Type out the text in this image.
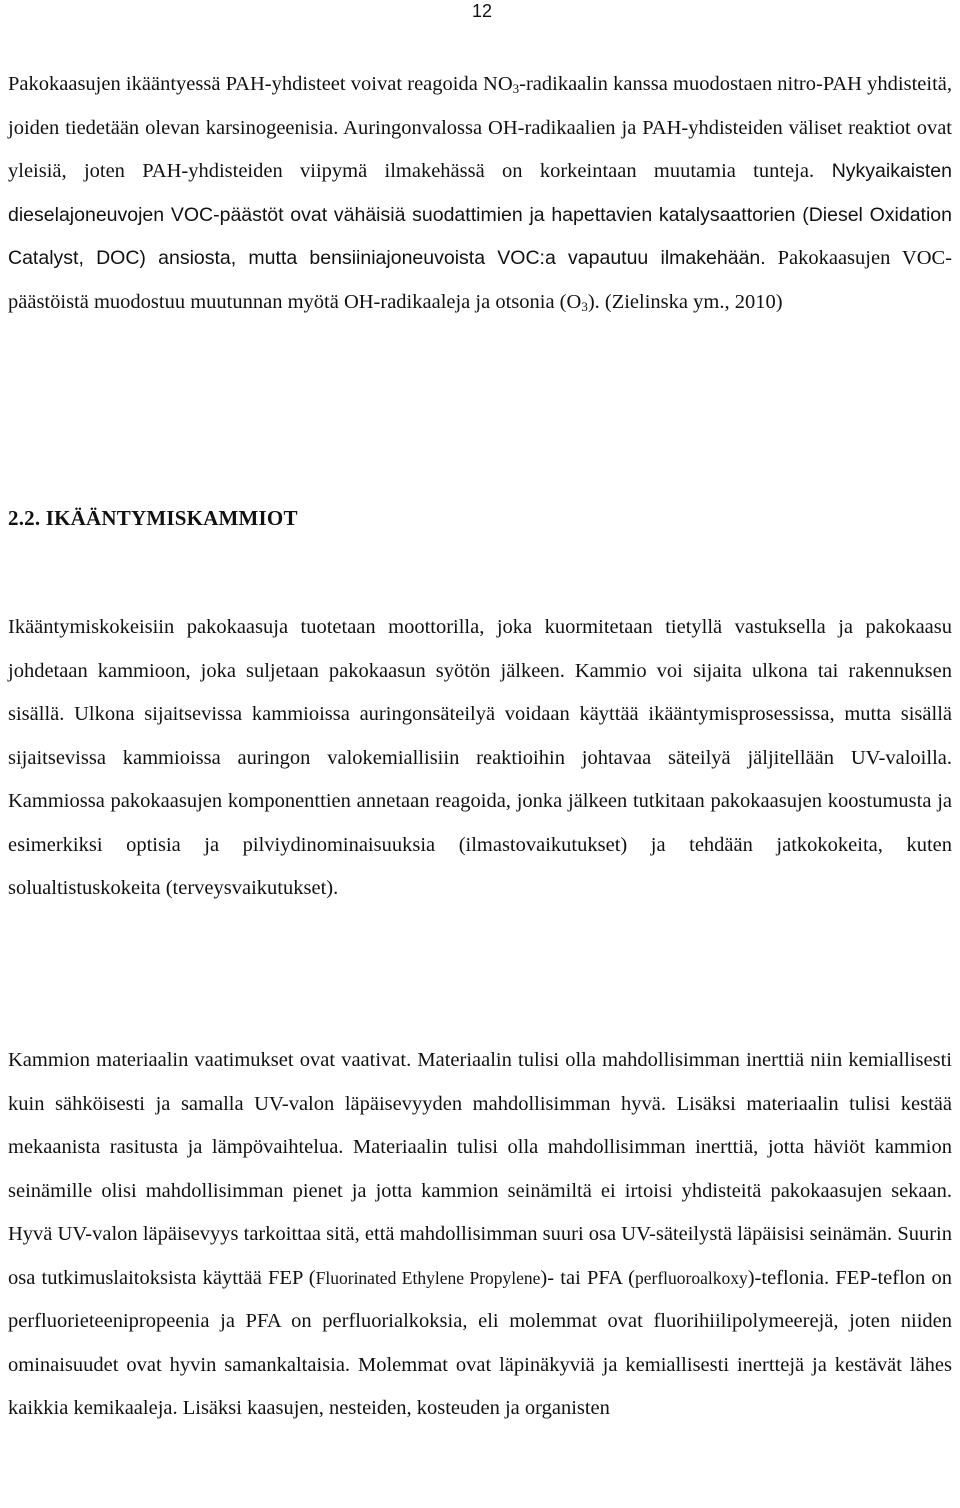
12

Pakokaasujen ikääntyessä PAH-yhdisteet voivat reagoida $NO_3$-radikaalin kanssa muodostaen nitro-PAH yhdisteitä, joiden tiedetään olevan karsinogeenisia. Auringonvalossa OH-radikaalien ja PAH-yhdisteiden väliset reaktiot ovat yleisiä, joten PAH-yhdisteiden viipymä ilmakehässä on korkeintaan muutamia tunteja. Nykyaikaisten dieselajoneuvojen VOC-päästöt ovat vähäisiä suodattimien ja hapettavien katalysaattorien (Diesel Oxidation Catalyst, DOC) ansiosta, mutta bensiiniajoneuvoista VOC:a vapautuu ilmakehään. Pakokaasujen VOC-päästöistä muodostuu muutunnan myötä OH-radikaaleja ja otsonia $(O_3)$. (Zielinska ym., 2010)

2.2. IKÄÄNTYMISKAMMIOT

Ikääntymiskokeisiin pakokaasuja tuotetaan moottorilla, joka kuormitetaan tietyllä vastuksella ja pakokaasu johdetaan kammioon, joka suljetaan pakokaasun syötön jälkeen. Kammio voi sijaita ulkona tai rakennuksen sisällä. Ulkona sijaitsevissa kammioissa auringonsäteilyä voidaan käyttää ikääntymisprosessissa, mutta sisällä sijaitsevissa kammioissa auringon valokemiallisiin reaktioihin johtavaa säteilyä jäljitellään UV-valoilla. Kammiossa pakokaasujen komponenttien annetaan reagoida, jonka jälkeen tutkitaan pakokaasujen koostumusta ja esimerkiksi optisia ja pilviydinominaisuuksia (ilmastovaikutukset) ja tehdään jatkokokeita, kuten solualtistuskokeita (terveysvaikutukset).

Kammion materiaalin vaatimukset ovat vaativat. Materiaalin tulisi olla mahdollisimman inerttiä niin kemiallisesti kuin sähköisesti ja samalla UV-valon läpäisevyyden mahdollisimman hyvä. Lisäksi materiaalin tulisi kestää mekaanista rasitusta ja lämpövaihtelua. Materiaalin tulisi olla mahdollisimman inerttiä, jotta häviöt kammion seinämille olisi mahdollisimman pienet ja jotta kammion seinämiltä ei irtoisi yhdisteitä pakokaasujen sekaan. Hyvä UV-valon läpäisevyys tarkoittaa sitä, että mahdollisimman suuri osa UV-säteilystä läpäisisi seinämän. Suurin osa tutkimuslaitoksista käyttää FEP (Fluorinated Ethylene Propylene)- tai PFA (perfluoroalkoxy)-teflonia. FEP-teflon on perfluorieteenipropeenia ja PFA on perfluorialkoksia, eli molemmat ovat fluorihiilipolymeerejä, joten niiden ominaisuudet ovat hyvin samankaltaisia. Molemmat ovat läpinäkyviä ja kemiallisesti inerttejä ja kestävät lähes kaikkia kemikaaleja. Lisäksi kaasujen, nesteiden, kosteuden ja organisten
